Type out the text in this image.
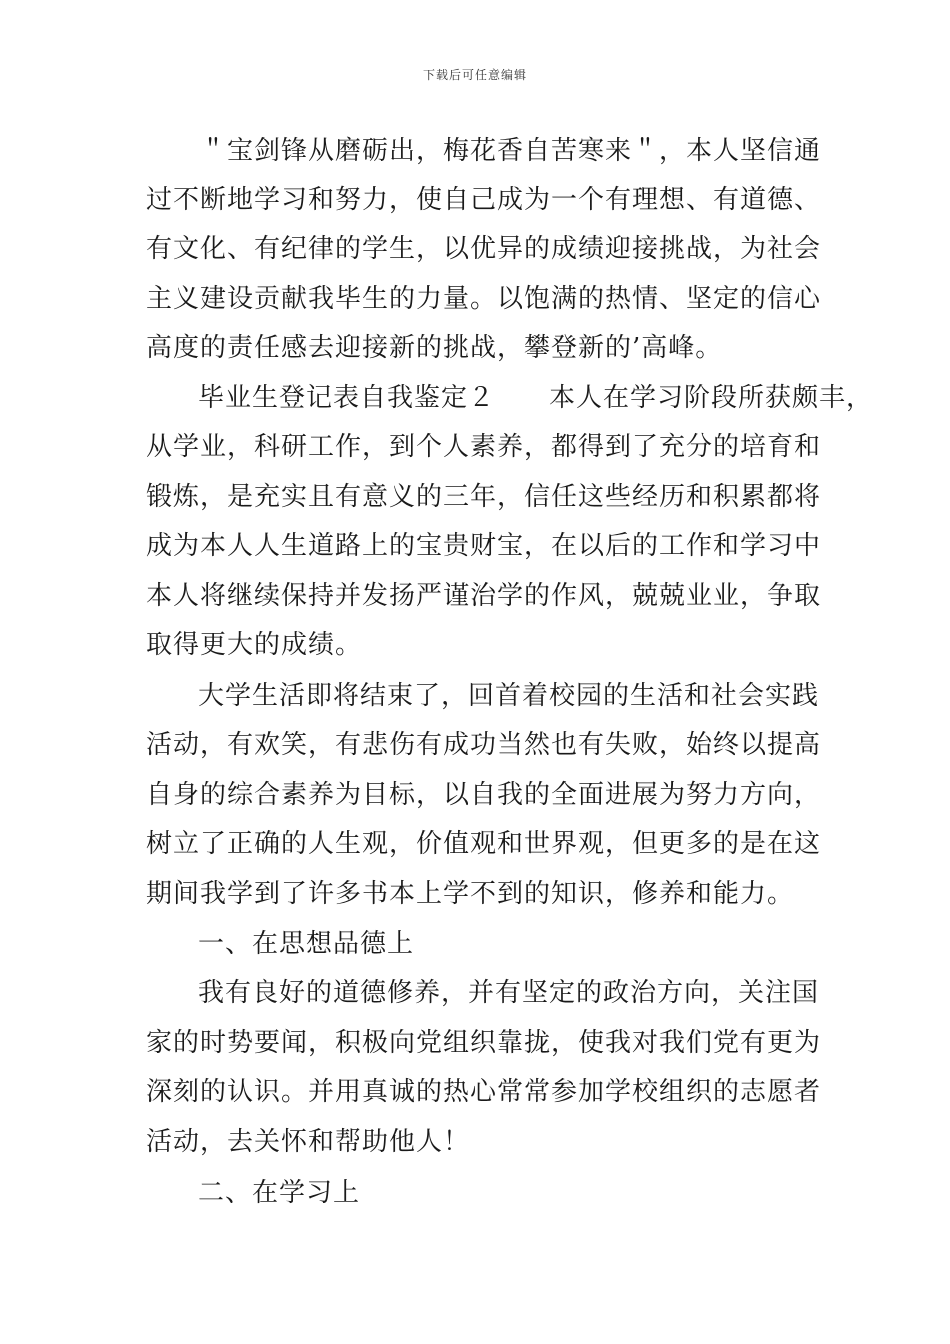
下载后可任意编辑
＂宝剑锋从磨砺出，梅花香自苦寒来＂，本人坚信通
过不断地学习和努力，使自己成为一个有理想、有道德、
有文化、有纪律的学生，以优异的成绩迎接挑战，为社会
主义建设贡献我毕生的力量。以饱满的热情、坚定的信心
高度的责任感去迎接新的挑战，攀登新的’高峰。
毕业生登记表自我鉴定２　　本人在学习阶段所获颇丰，
从学业，科研工作，到个人素养，都得到了充分的培育和
锻炼，是充实且有意义的三年，信任这些经历和积累都将
成为本人人生道路上的宝贵财宝，在以后的工作和学习中
本人将继续保持并发扬严谨治学的作风，兢兢业业，争取
取得更大的成绩。
大学生活即将结束了，回首着校园的生活和社会实践
活动，有欢笑，有悲伤有成功当然也有失败，始终以提高
自身的综合素养为目标，以自我的全面进展为努力方向，
树立了正确的人生观，价值观和世界观，但更多的是在这
期间我学到了许多书本上学不到的知识，修养和能力。
一、在思想品德上
我有良好的道德修养，并有坚定的政治方向，关注国
家的时势要闻，积极向党组织靠拢，使我对我们党有更为
深刻的认识。并用真诚的热心常常参加学校组织的志愿者
活动，去关怀和帮助他人！
二、在学习上
